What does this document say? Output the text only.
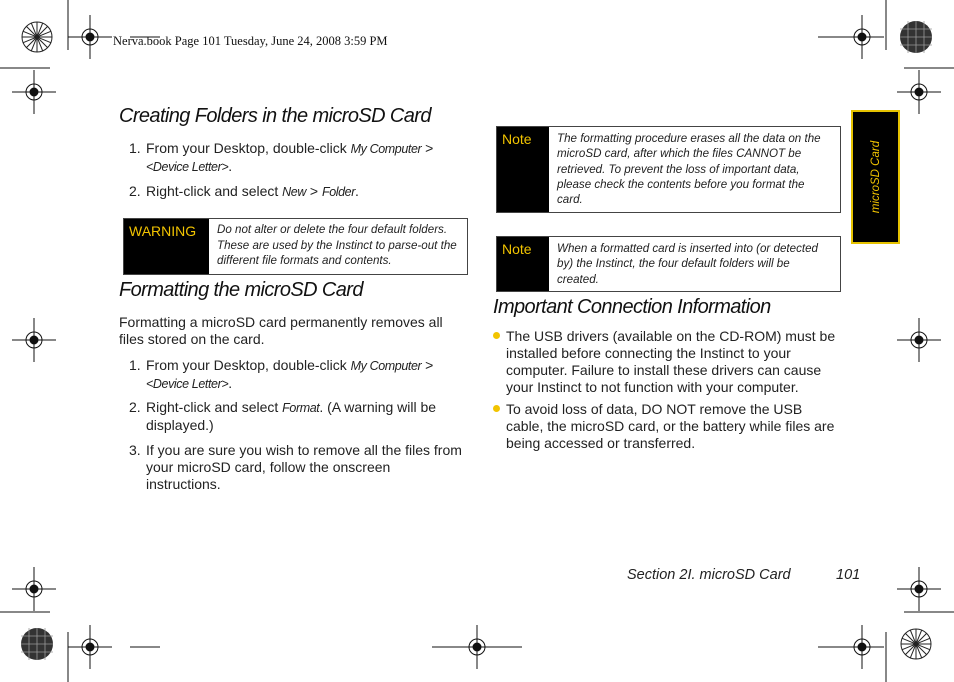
Nerva.book Page 101 Tuesday, June 24, 2008 3:59 PM
microSD Card
Creating Folders in the microSD Card
1. From your Desktop, double-click My Computer > <Device Letter>.
2. Right-click and select New > Folder.
WARNING	Do not alter or delete the four default folders. These are used by the Instinct to parse-out the different file formats and contents.
Formatting the microSD Card
Formatting a microSD card permanently removes all files stored on the card.
1. From your Desktop, double-click My Computer > <Device Letter>.
2. Right-click and select Format. (A warning will be displayed.)
3. If you are sure you wish to remove all the files from your microSD card, follow the onscreen instructions.
Note	The formatting procedure erases all the data on the microSD card, after which the files CANNOT be retrieved. To prevent the loss of important data, please check the contents before you format the card.
Note	When a formatted card is inserted into (or detected by) the Instinct, the four default folders will be created.
Important Connection Information
The USB drivers (available on the CD-ROM) must be installed before connecting the Instinct to your computer. Failure to install these drivers can cause your Instinct to not function with your computer.
To avoid loss of data, DO NOT remove the USB cable, the microSD card, or the battery while files are being accessed or transferred.
Section 2I. microSD Card	101
